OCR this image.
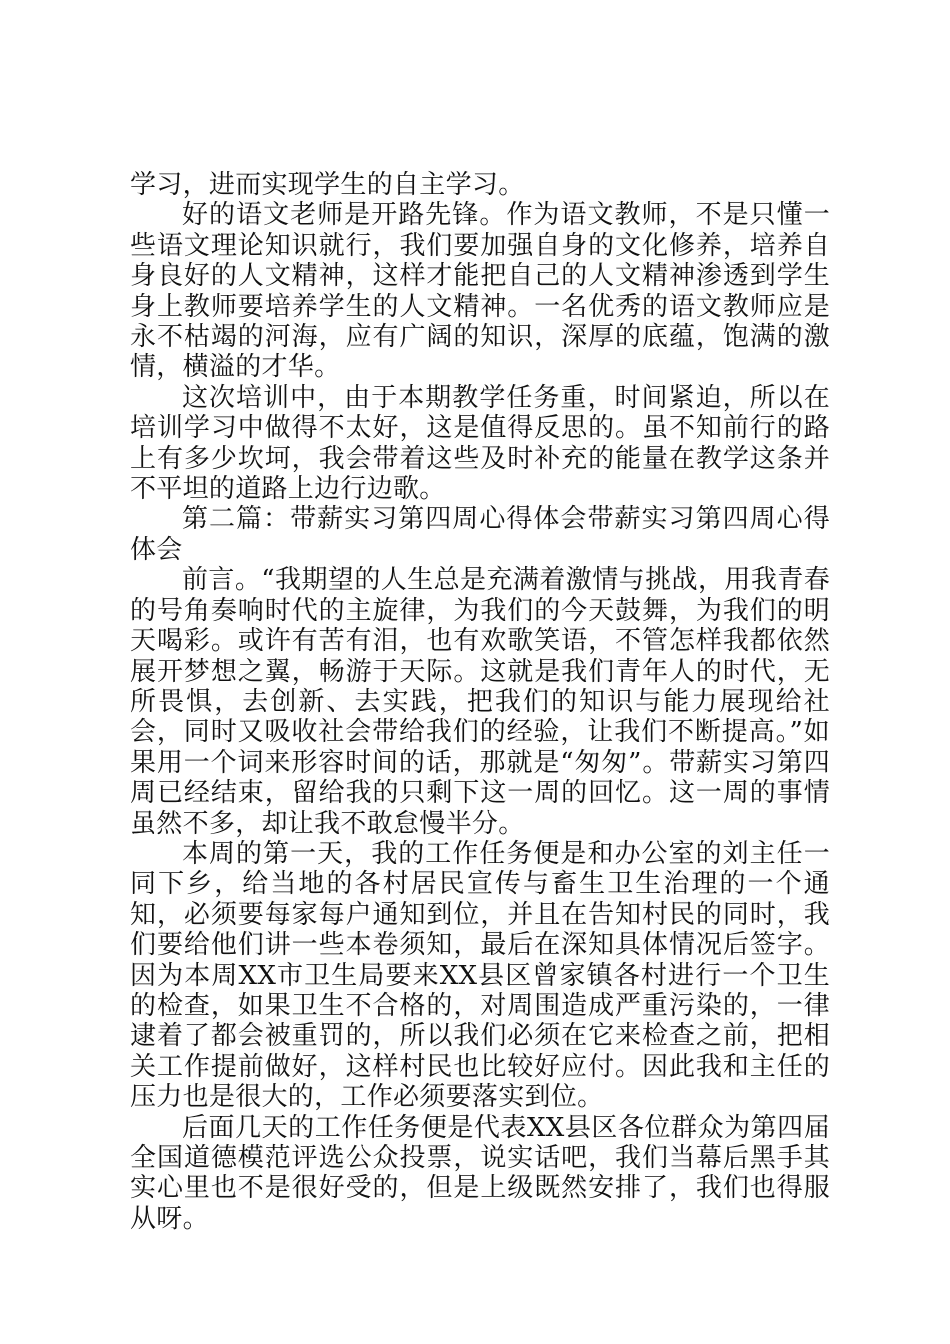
学习，进而实现学生的自主学习。

好的语文老师是开路先锋。作为语文教师，不是只懂一些语文理论知识就行，我们要加强自身的文化修养，培养自身良好的人文精神，这样才能把自己的人文精神渗透到学生身上教师要培养学生的人文精神。一名优秀的语文教师应是永不枯竭的河海，应有广阔的知识，深厚的底蕴，饱满的激情，横溢的才华。

这次培训中，由于本期教学任务重，时间紧迫，所以在培训学习中做得不太好，这是值得反思的。虽不知前行的路上有多少坎坷，我会带着这些及时补充的能量在教学这条并不平坦的道路上边行边歌。

第二篇：带薪实习第四周心得体会带薪实习第四周心得体会

前言。“我期望的人生总是充满着激情与挑战，用我青春的号角奏响时代的主旋律，为我们的今天鼓舞，为我们的明天喝彩。或许有苦有泪，也有欢歌笑语，不管怎样我都依然展开梦想之翼，畅游于天际。这就是我们青年人的时代，无所畏惧，去创新、去实践，把我们的知识与能力展现给社会，同时又吸收社会带给我们的经验，让我们不断提高。”如果用一个词来形容时间的话，那就是“匆匆”。带薪实习第四周已经结束，留给我的只剩下这一周的回忆。这一周的事情虽然不多，却让我不敢怠慢半分。

本周的第一天，我的工作任务便是和办公室的刘主任一同下乡，给当地的各村居民宣传与畜生卫生治理的一个通知，必须要每家每户通知到位，并且在告知村民的同时，我们要给他们讲一些本卷须知，最后在深知具体情况后签字。因为本周XX市卫生局要来XX县区曾家镇各村进行一个卫生的检查，如果卫生不合格的，对周围造成严重污染的，一律逮着了都会被重罚的，所以我们必须在它来检查之前，把相关工作提前做好，这样村民也比较好应付。因此我和主任的压力也是很大的，工作必须要落实到位。

后面几天的工作任务便是代表XX县区各位群众为第四届全国道德模范评选公众投票，说实话吧，我们当幕后黑手其实心里也不是很好受的，但是上级既然安排了，我们也得服从呀。
